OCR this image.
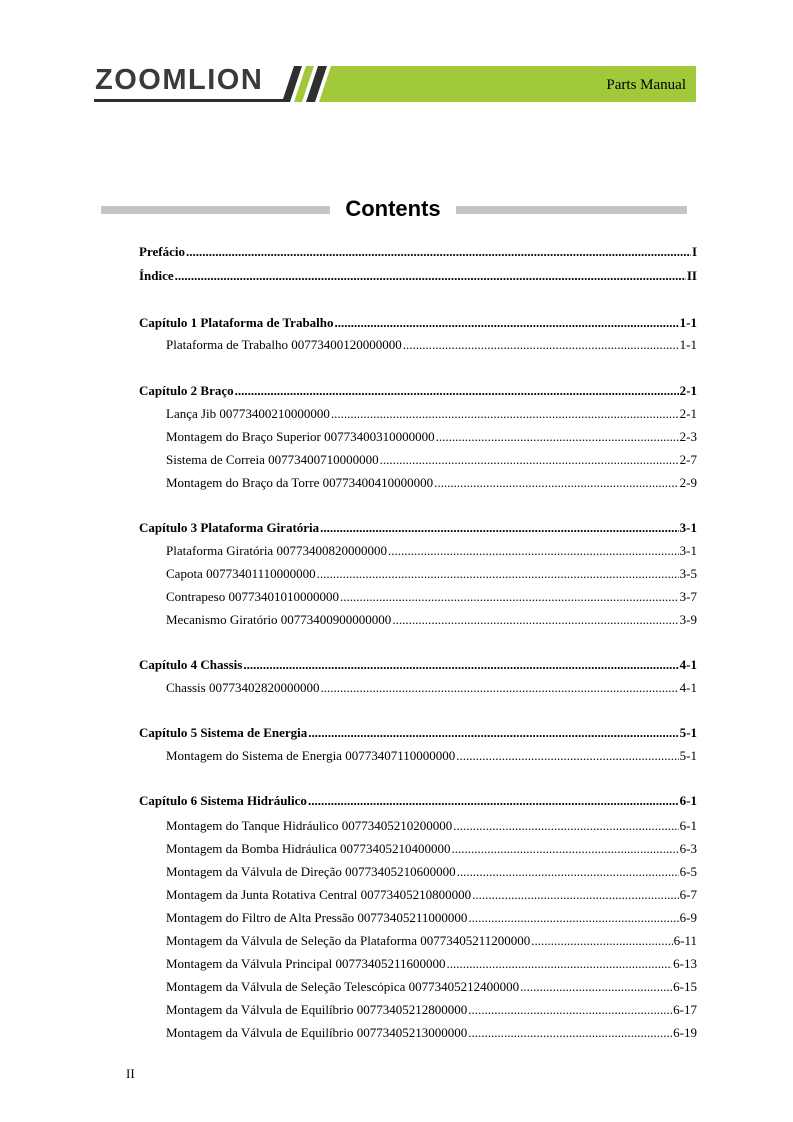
ZOOMLION	Parts Manual
Contents
Prefácio .....	I
Índice .....	II
Capítulo 1 Plataforma de Trabalho .....	1-1
Plataforma de Trabalho 00773400120000000 .....	1-1
Capítulo 2 Braço .....	2-1
Lança Jib 00773400210000000 .....	2-1
Montagem do Braço Superior 00773400310000000 .....	2-3
Sistema de Correia 00773400710000000 .....	2-7
Montagem do Braço da Torre 00773400410000000 .....	2-9
Capítulo 3 Plataforma Giratória .....	3-1
Plataforma Giratória 00773400820000000 .....	3-1
Capota 00773401110000000 .....	3-5
Contrapeso 00773401010000000 .....	3-7
Mecanismo Giratório 00773400900000000 .....	3-9
Capítulo 4 Chassis .....	4-1
Chassis 00773402820000000 .....	4-1
Capítulo 5 Sistema de Energia .....	5-1
Montagem do Sistema de Energia 00773407110000000 .....	5-1
Capítulo 6 Sistema Hidráulico .....	6-1
Montagem do Tanque Hidráulico 00773405210200000 .....	6-1
Montagem da Bomba Hidráulica 00773405210400000 .....	6-3
Montagem da Válvula de Direção 00773405210600000 .....	6-5
Montagem da Junta Rotativa Central 00773405210800000 .....	6-7
Montagem do Filtro de Alta Pressão 00773405211000000 .....	6-9
Montagem da Válvula de Seleção da Plataforma 00773405211200000 .....	6-11
Montagem da Válvula Principal 00773405211600000 .....	6-13
Montagem da Válvula de Seleção Telescópica 00773405212400000 .....	6-15
Montagem da Válvula de Equilíbrio 00773405212800000 .....	6-17
Montagem da Válvula de Equilíbrio 00773405213000000 .....	6-19
II
